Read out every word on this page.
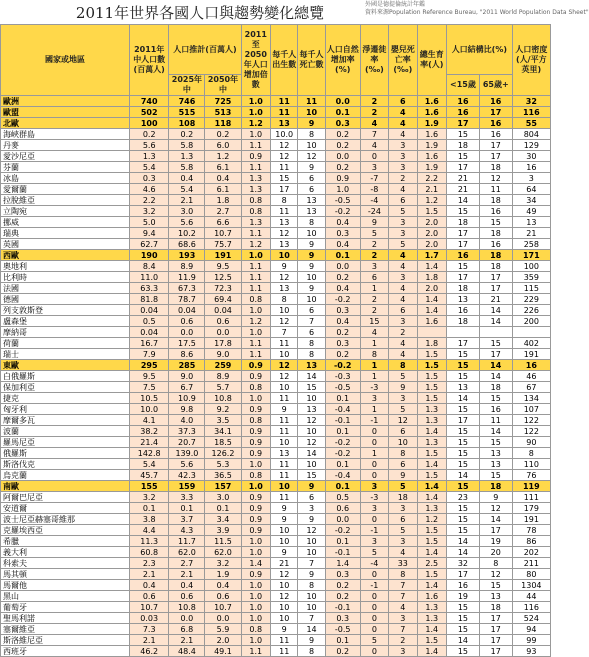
2011年世界各國人口與趨勢變化總覽	外國是德提倫統計年鑑
資料來源Population Reference Bureau, "2011 World Population Data Sheet"
國家或地區	2011年中人口數(百萬人)	人口推計(百萬人)		2011至2050年人口增加倍數	每千人出生數	每千人死亡數	人口自然增加率(%)	淨遷徙率(‰)	嬰兒死亡率(‰)	總生育率(人)	人口結構比(%)		人口密度(人/平方英里)
		2025年中	2050年中								<15歲	65歲+	
歐洲	740	746	725	1.0	11	11	0.0	2	6	1.6	16	16	32
歐盟	502	515	513	1.0	11	10	0.1	2	4	1.6	16	17	116
北歐	100	108	118	1.2	13	9	0.3	4	4	1.9	17	16	55
海峽群島	0.2	0.2	0.2	1.0	10.0	8	0.2	7	4	1.6	15	16	804
丹麥	5.6	5.8	6.0	1.1	12	10	0.2	4	3	1.9	18	17	129
愛沙尼亞	1.3	1.3	1.2	0.9	12	12	0.0	0	3	1.6	15	17	30
芬蘭	5.4	5.8	6.1	1.1	11	9	0.2	3	3	1.9	17	18	16
冰島	0.3	0.4	0.4	1.3	15	6	0.9	-7	2	2.2	21	12	3
愛爾蘭	4.6	5.4	6.1	1.3	17	6	1.0	-8	4	2.1	21	11	64
拉脫維亞	2.2	2.1	1.8	0.8	8	13	-0.5	-4	6	1.2	14	18	34
立陶宛	3.2	3.0	2.7	0.8	11	13	-0.2	-24	5	1.5	15	16	49
挪威	5.0	5.6	6.6	1.3	13	8	0.4	9	3	2.0	18	15	13
瑞典	9.4	10.2	10.7	1.1	12	10	0.3	5	3	2.0	17	18	21
英國	62.7	68.6	75.7	1.2	13	9	0.4	2	5	2.0	17	16	258
西歐	190	193	191	1.0	10	9	0.1	2	4	1.7	16	18	171
奧地利	8.4	8.9	9.5	1.1	9	9	0.0	3	4	1.4	15	18	100
比利時	11.0	11.9	12.5	1.1	12	10	0.2	6	3	1.8	17	17	359
法國	63.3	67.3	72.3	1.1	13	9	0.4	1	4	2.0	18	17	115
德國	81.8	78.7	69.4	0.8	8	10	-0.2	2	4	1.4	13	21	229
列支敦斯登	0.04	0.04	0.04	1.0	10	6	0.3	2	6	1.4	16	14	226
盧森堡	0.5	0.6	0.6	1.2	12	7	0.4	15	3	1.6	18	14	200
摩納哥	0.04	0.0	0.0	1.0	7	6	0.2	4	2				
荷蘭	16.7	17.5	17.8	1.1	11	8	0.3	1	4	1.8	17	15	402
瑞士	7.9	8.6	9.0	1.1	10	8	0.2	8	4	1.5	15	17	191
東歐	295	285	259	0.9	12	13	-0.2	1	8	1.5	15	14	16
白俄羅斯	9.5	9.0	8.9	0.9	12	14	-0.3	1	5	1.5	15	14	46
保加利亞	7.5	6.7	5.7	0.8	10	15	-0.5	-3	9	1.5	13	18	67
捷克	10.5	10.9	10.8	1.0	11	10	0.1	3	3	1.5	14	15	134
匈牙利	10.0	9.8	9.2	0.9	9	13	-0.4	1	5	1.3	15	16	107
摩爾多瓦	4.1	4.0	3.5	0.8	11	12	-0.1	-1	12	1.3	17	11	122
波蘭	38.2	37.3	34.1	0.9	11	10	0.1	0	6	1.4	15	14	122
羅馬尼亞	21.4	20.7	18.5	0.9	10	12	-0.2	0	10	1.3	15	15	90
俄羅斯	142.8	139.0	126.2	0.9	13	14	-0.2	1	8	1.5	15	13	8
斯洛伐克	5.4	5.6	5.3	1.0	11	10	0.1	0	6	1.4	15	13	110
烏克蘭	45.7	42.3	36.5	0.8	11	15	-0.4	0	9	1.5	14	15	76
南歐	155	159	157	1.0	10	9	0.1	3	5	1.4	15	18	119
阿爾巴尼亞	3.2	3.3	3.0	0.9	11	6	0.5	-3	18	1.4	23	9	111
安道爾	0.1	0.1	0.1	0.9	9	3	0.6	3	3	1.3	15	12	179
波士尼亞赫塞哥維那	3.8	3.7	3.4	0.9	9	9	0.0	0	6	1.2	15	14	191
克羅埃西亞	4.4	4.3	3.9	0.9	10	12	-0.2	-1	5	1.5	15	17	78
希臘	11.3	11.7	11.5	1.0	10	10	0.1	3	3	1.5	14	19	86
義大利	60.8	62.0	62.0	1.0	9	10	-0.1	5	4	1.4	14	20	202
科索夫	2.3	2.7	3.2	1.4	21	7	1.4	-4	33	2.5	32	8	211
馬其頓	2.1	2.1	1.9	0.9	12	9	0.3	0	8	1.5	17	12	80
馬爾他	0.4	0.4	0.4	1.0	10	8	0.2	-1	7	1.4	16	15	1304
黑山	0.6	0.6	0.6	1.0	12	10	0.2	0	7	1.6	19	13	44
葡萄牙	10.7	10.8	10.7	1.0	10	10	-0.1	0	4	1.3	15	18	116
聖馬利諾	0.03	0.0	0.0	1.0	10	7	0.3	0	3	1.3	15	17	524
塞爾維亞	7.3	6.8	5.9	0.8	9	14	-0.5	0	7	1.4	15	17	94
斯洛維尼亞	2.1	2.1	2.0	1.0	11	9	0.1	5	2	1.5	14	17	99
西班牙	46.2	48.4	49.1	1.1	11	8	0.2	0	3	1.4	15	17	93
